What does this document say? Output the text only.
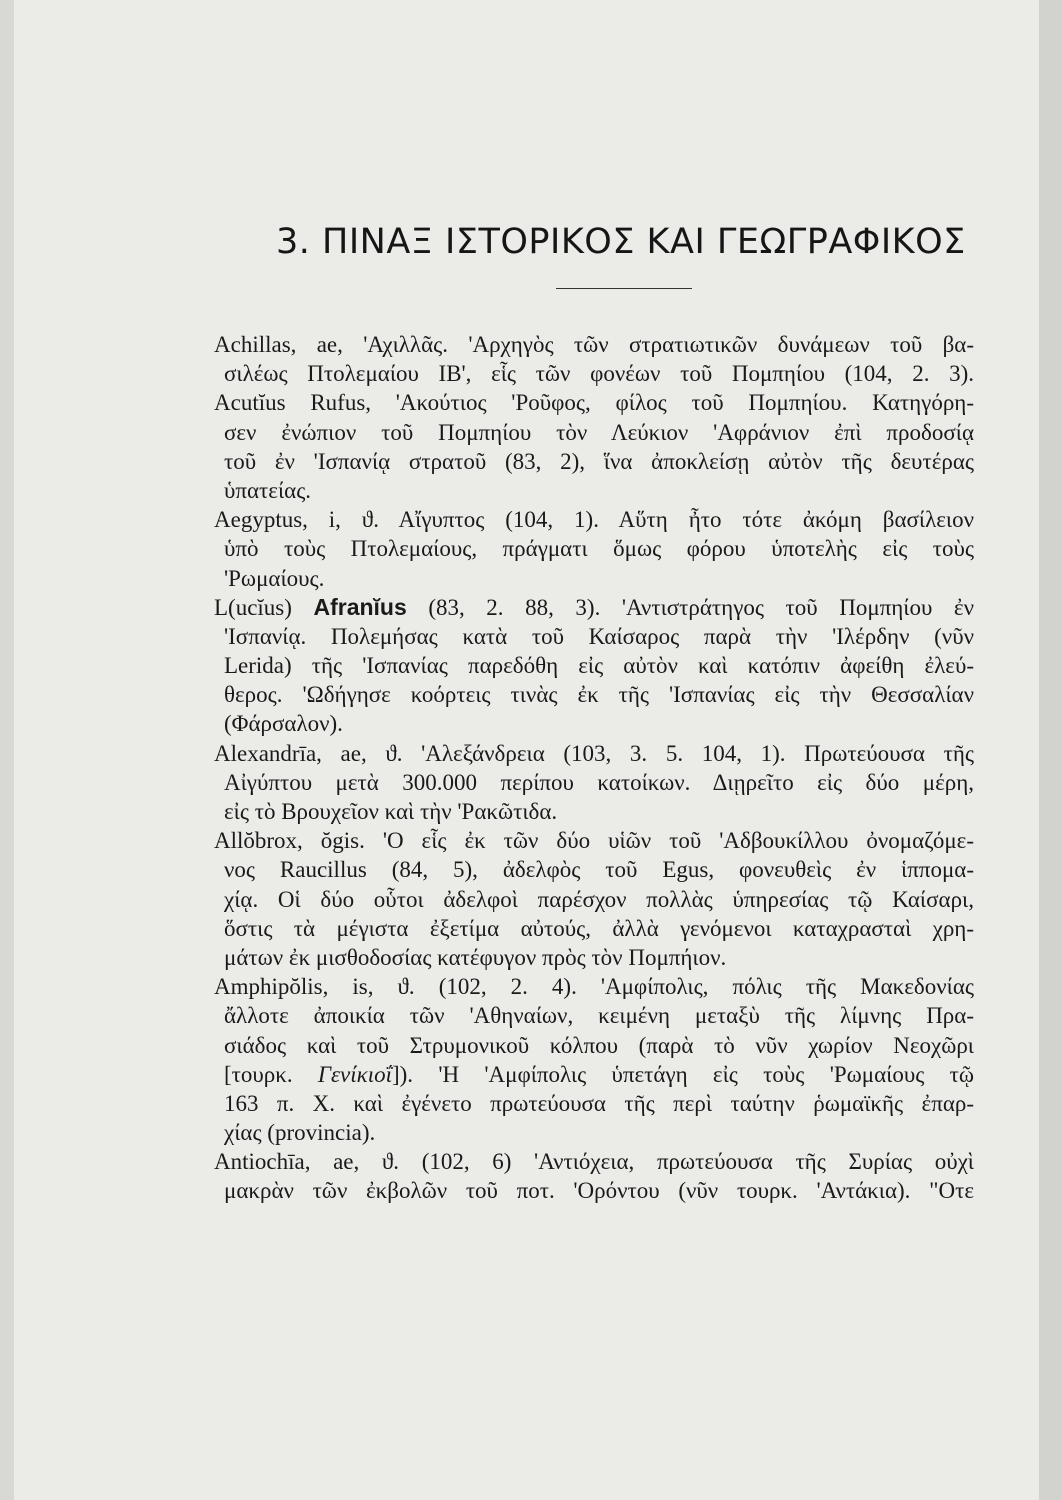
3. ΠΙΝΑΞ ΙΣΤΟΡΙΚΟΣ ΚΑΙ ΓΕΩΓΡΑΦΙΚΟΣ
Achillas, ae, 'Αχιλλᾶς. 'Αρχηγὸς τῶν στρατιωτικῶν δυνάμεων τοῦ βα-
σιλέως Πτολεμαίου ΙΒ', εἷς τῶν φονέων τοῦ Πομπηίου (104, 2. 3).
Acutĭus Rufus, 'Ακούτιος 'Ροῦφος, φίλος τοῦ Πομπηίου. Κατηγόρη-
σεν ἐνώπιον τοῦ Πομπηίου τὸν Λεύκιον 'Αφράνιον ἐπὶ προδοσίᾳ
τοῦ ἐν 'Ισπανίᾳ στρατοῦ (83, 2), ἵνα ἀποκλείσῃ αὐτὸν τῆς δευτέρας
ὑπατείας.
Aegyptus, i, ϑ. Αἴγυπτος (104, 1). Αὕτη ἦτο τότε ἀκόμη βασίλειον
ὑπὸ τοὺς Πτολεμαίους, πράγματι ὅμως φόρου ὑποτελὴς εἰς τοὺς
'Ρωμαίους.
L(ucĭus) Afranĭus (83, 2. 88, 3). 'Αντιστράτηγος τοῦ Πομπηίου ἐν
'Ισπανίᾳ. Πολεμήσας κατὰ τοῦ Καίσαρος παρὰ τὴν 'Ιλέρδην (νῦν
Lerida) τῆς 'Ισπανίας παρεδόθη εἰς αὐτὸν καὶ κατόπιν ἀφείθη ἐλεύ-
θερος. 'Ωδήγησε κοόρτεις τινὰς ἐκ τῆς 'Ισπανίας εἰς τὴν Θεσσαλίαν
(Φάρσαλον).
Alexandrīa, ae, ϑ. 'Αλεξάνδρεια (103, 3. 5. 104, 1). Πρωτεύουσα τῆς
Αἰγύπτου μετὰ 300.000 περίπου κατοίκων. Διῃρεῖτο εἰς δύο μέρη,
εἰς τὸ Βρουχεῖον καὶ τὴν 'Ρακῶτιδα.
Allŏbrox, ŏgis. 'Ο εἷς ἐκ τῶν δύο υἱῶν τοῦ 'Αδβουκίλλου ὀνομαζόμε-
νος Raucillus (84, 5), ἀδελφὸς τοῦ Egus, φονευθεὶς ἐν ἱππομα-
χίᾳ. Οἱ δύο οὗτοι ἀδελφοὶ παρέσχον πολλὰς ὑπηρεσίας τῷ Καίσαρι,
ὅστις τὰ μέγιστα ἐξετίμα αὐτούς, ἀλλὰ γενόμενοι καταχρασταὶ χρη-
μάτων ἐκ μισθοδοσίας κατέφυγον πρὸς τὸν Πομπήιον.
Amphipŏlis, is, ϑ. (102, 2. 4). 'Αμφίπολις, πόλις τῆς Μακεδονίας
ἄλλοτε ἀποικία τῶν 'Αθηναίων, κειμένη μεταξὺ τῆς λίμνης Πρα-
σιάδος καὶ τοῦ Στρυμονικοῦ κόλπου (παρὰ τὸ νῦν χωρίον Νεοχῶρι
[τουρκ. Γενίκιοΐ]). 'Η 'Αμφίπολις ὑπετάγη εἰς τοὺς 'Ρωμαίους τῷ
163 π. Χ. καὶ ἐγένετο πρωτεύουσα τῆς περὶ ταύτην ῥωμαϊκῆς ἐπαρ-
χίας (provincia).
Antiochīa, ae, ϑ. (102, 6) 'Αντιόχεια, πρωτεύουσα τῆς Συρίας οὐχὶ
μακρὰν τῶν ἐκβολῶν τοῦ ποτ. 'Ορόντου (νῦν τουρκ. 'Αντάκια). "Οτε
